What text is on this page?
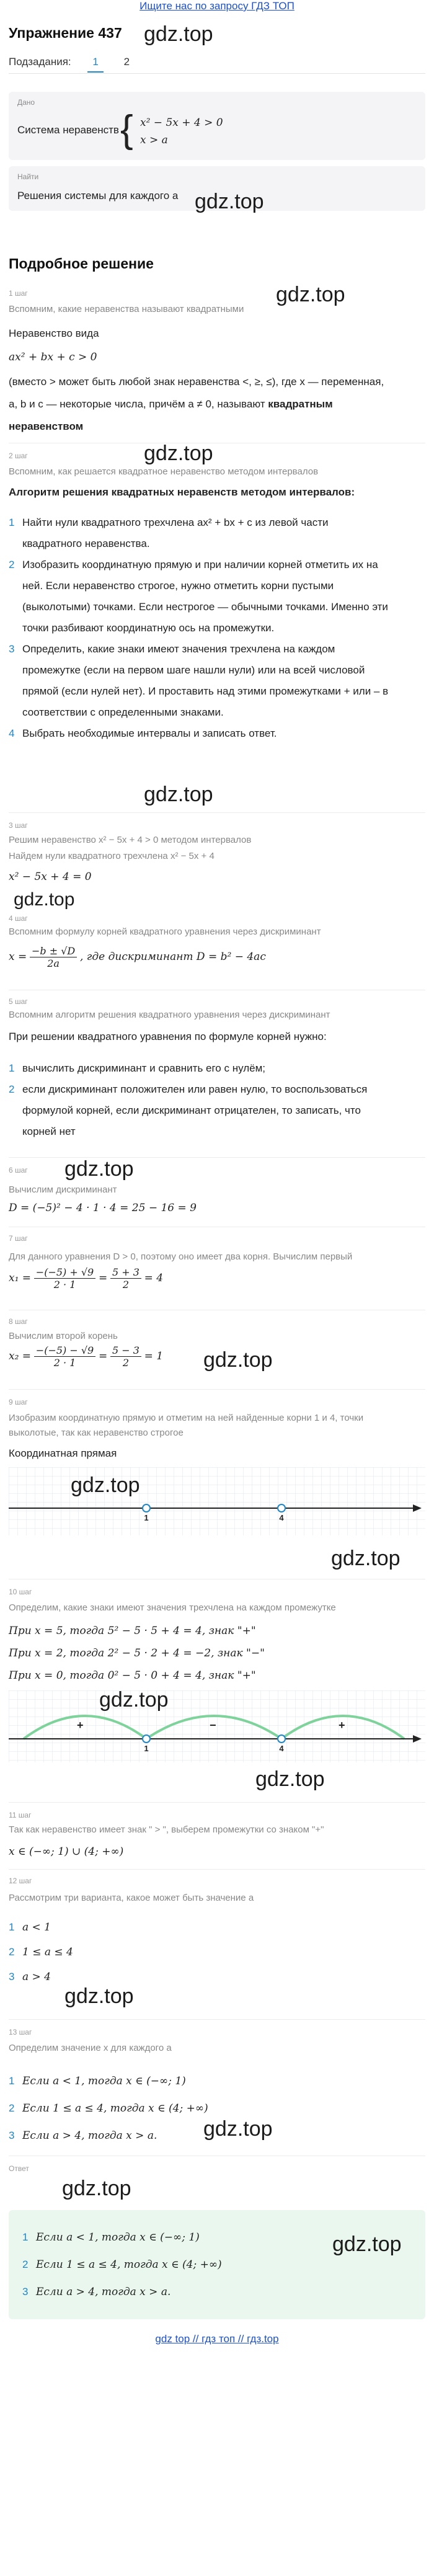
Ищите нас по запросу ГДЗ ТОП
Упражнение 437 gdz.top
Подзадания: 1 2
Дано
Система неравенств { x² − 5x + 4 > 0
x > a
Найти
Решения системы для каждого a gdz.top
Подробное решение
1 шаг	gdz.top
Вспомним, какие неравенства называют квадратными
Неравенство вида
ax² + bx + c > 0
(вместо > может быть любой знак неравенства <, ≥, ≤), где x — переменная,
a, b и c — некоторые числа, причём a ≠ 0, называют квадратным
неравенством
2 шаг	gdz.top
Вспомним, как решается квадратное неравенство методом интервалов
Алгоритм решения квадратных неравенств методом интервалов:
1 Найти нули квадратного трехчлена ax² + bx + c из левой части
квадратного неравенства.
2 Изобразить координатную прямую и при наличии корней отметить их на
ней. Если неравенство строгое, нужно отметить корни пустыми
(выколотыми) точками. Если нестрогое — обычными точками. Именно эти
точки разбивают координатную ось на промежутки.
3 Определить, какие знаки имеют значения трехчлена на каждом
промежутке (если на первом шаге нашли нули) или на всей числовой
прямой (если нулей нет). И проставить над этими промежутками + или – в
соответствии с определенными знаками.
4 Выбрать необходимые интервалы и записать ответ.
gdz.top
3 шаг
Решим неравенство x² − 5x + 4 > 0 методом интервалов
Найдем нули квадратного трехчлена x² − 5x + 4
x² − 5x + 4 = 0
gdz.top
4 шаг
Вспомним формулу корней квадратного уравнения через дискриминант
$x = \frac{-b \pm √D}{2a}$ , где дискриминант D = b² − 4ac
5 шаг
Вспомним алгоритм решения квадратного уравнения через дискриминант
При решении квадратного уравнения по формуле корней нужно:
1 вычислить дискриминант и сравнить его с нулём;
2 если дискриминант положителен или равен нулю, то воспользоваться
формулой корней, если дискриминант отрицателен, то записать, что
корней нет
6 шаг gdz.top
Вычислим дискриминант
D = (−5)² − 4 · 1 · 4 = 25 − 16 = 9
7 шаг
Для данного уравнения D > 0, поэтому оно имеет два корня. Вычислим первый
$x_1 = \frac{-(-5) + √9}{2 \cdot 1} = \frac{5 + 3}{2} = 4$
8 шаг
Вычислим второй корень
$x_2 = \frac{-(-5) - √9}{2 \cdot 1} = \frac{5 - 3}{2} = 1$ gdz.top
9 шаг
Изобразим координатную прямую и отметим на ней найденные корни 1 и 4, точки
выколотые, так как неравенство строгое
Координатная прямая
1	4
gdz.top
gdz.top
10 шаг
Определим, какие знаки имеют значения трехчлена на каждом промежутке
При x = 5, тогда 5² − 5 · 5 + 4 = 4, знак "+"
При x = 2, тогда 2² − 5 · 2 + 4 = −2, знак "−"
При x = 0, тогда 0² − 5 · 0 + 4 = 4, знак "+"
+	−	+
1	4
gdz.top
gdz.top
11 шаг
Так как неравенство имеет знак " > ", выберем промежутки со знаком "+"
x ∈ (−∞; 1) ∪ (4; +∞)
12 шаг
Рассмотрим три варианта, какое может быть значение a
1 a < 1
2 1 ≤ a ≤ 4
3 a > 4
gdz.top
13 шаг
Определим значение x для каждого a
1 Если a < 1, тогда x ∈ (−∞; 1)
2 Если 1 ≤ a ≤ 4, тогда x ∈ (4; +∞)
3 Если a > 4, тогда x > a.	gdz.top
Ответ
gdz.top
1 Если a < 1, тогда x ∈ (−∞; 1)
2 Если 1 ≤ a ≤ 4, тогда x ∈ (4; +∞)
3 Если a > 4, тогда x > a.
gdz.top
gdz top // гдз топ // гдз.top
